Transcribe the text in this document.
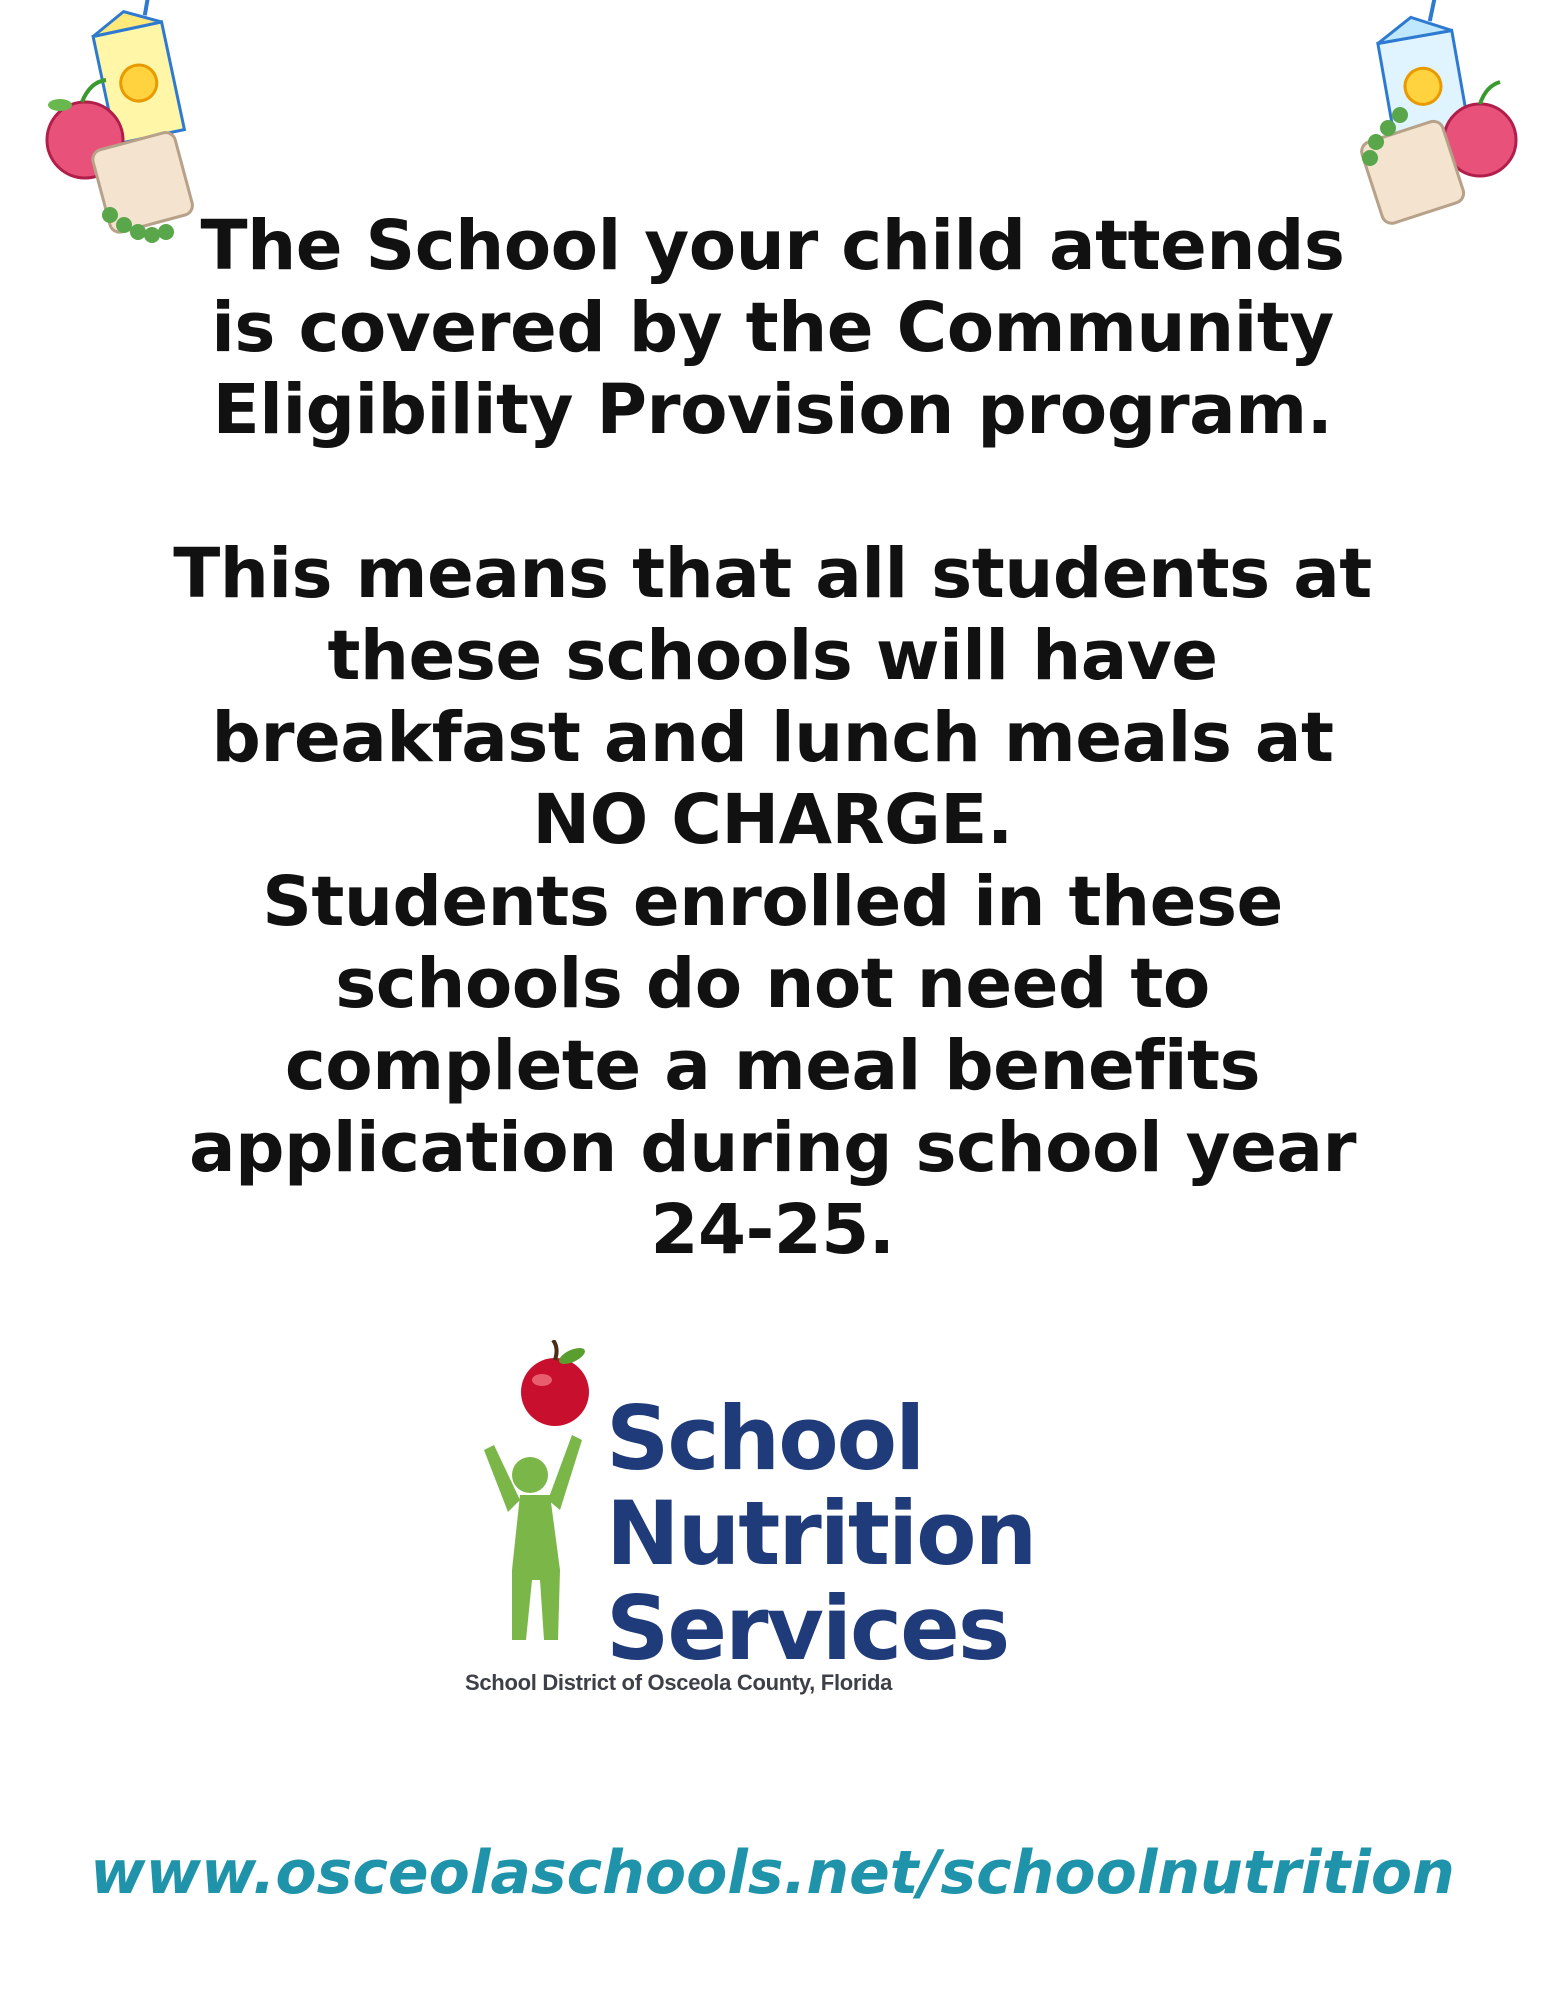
The School your child attends is covered by the Community Eligibility Provision program.

This means that all students at these schools will have breakfast and lunch meals at NO CHARGE.

Students enrolled in these schools do not need to complete a meal benefits application during school year 24-25.

School
Nutrition
Services
School District of Osceola County, Florida
www.osceolaschools.net/schoolnutrition
